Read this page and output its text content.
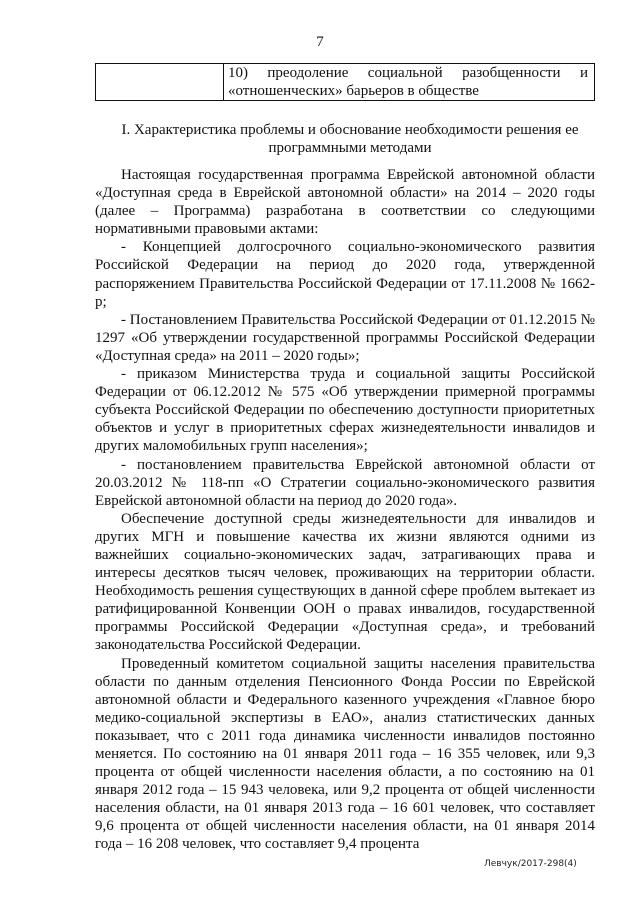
7
	10) преодоление социальной разобщенности и «отношенческих» барьеров в обществе
I. Характеристика проблемы и обоснование необходимости решения ее программными методами

Настоящая государственная программа Еврейской автономной области «Доступная среда в Еврейской автономной области» на 2014 – 2020 годы (далее – Программа) разработана в соответствии со следующими нормативными правовыми актами:

- Концепцией долгосрочного социально-экономического развития Российской Федерации на период до 2020 года, утвержденной распоряжением Правительства Российской Федерации от 17.11.2008 № 1662-р;

- Постановлением Правительства Российской Федерации от 01.12.2015 № 1297 «Об утверждении государственной программы Российской Федерации «Доступная среда» на 2011 – 2020 годы»;

- приказом Министерства труда и социальной защиты Российской Федерации от 06.12.2012 № 575 «Об утверждении примерной программы субъекта Российской Федерации по обеспечению доступности приоритетных объектов и услуг в приоритетных сферах жизнедеятельности инвалидов и других маломобильных групп населения»;

- постановлением правительства Еврейской автономной области от 20.03.2012 № 118-пп «О Стратегии социально-экономического развития Еврейской автономной области на период до 2020 года».

Обеспечение доступной среды жизнедеятельности для инвалидов и других МГН и повышение качества их жизни являются одними из важнейших социально-экономических задач, затрагивающих права и интересы десятков тысяч человек, проживающих на территории области. Необходимость решения существующих в данной сфере проблем вытекает из ратифицированной Конвенции ООН о правах инвалидов, государственной программы Российской Федерации «Доступная среда», и требований законодательства Российской Федерации.

Проведенный комитетом социальной защиты населения правительства области по данным отделения Пенсионного Фонда России по Еврейской автономной области и Федерального казенного учреждения «Главное бюро медико-социальной экспертизы в ЕАО», анализ статистических данных показывает, что с 2011 года динамика численности инвалидов постоянно меняется. По состоянию на 01 января 2011 года – 16 355 человек, или 9,3 процента от общей численности населения области, а по состоянию на 01 января 2012 года – 15 943 человека, или 9,2 процента от общей численности населения области, на 01 января 2013 года – 16 601 человек, что составляет 9,6 процента от общей численности населения области, на 01 января 2014 года – 16 208 человек, что составляет 9,4 процента

Левчук/2017-298(4)
